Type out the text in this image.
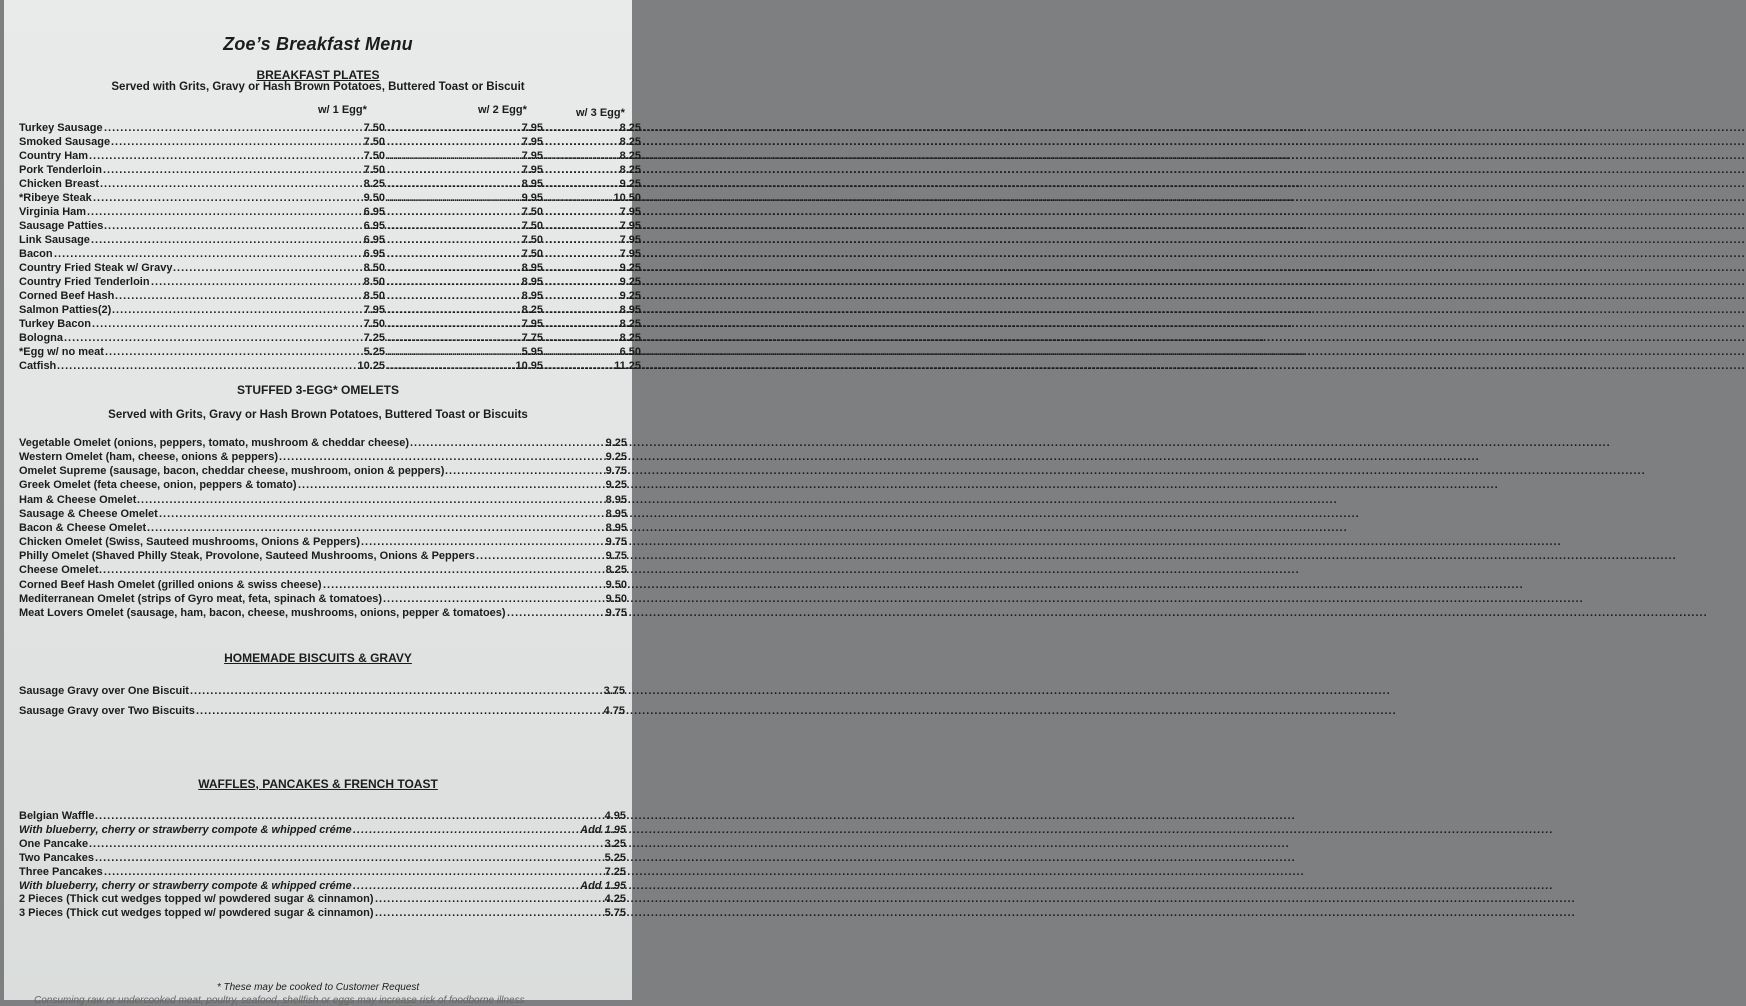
Zoe’s Breakfast Menu
BREAKFAST PLATES
Served with Grits, Gravy or Hash Brown Potatoes, Buttered Toast or Biscuit
w/ 1 Egg*	w/ 2 Egg*	w/ 3 Egg*
Turkey Sausage .....	7.50 .....	7.95 .....	8.25
Smoked Sausage .....	7.50 .....	7.95 .....	8.25
Country Ham .....	7.50 .....	7.95 .....	8.25
Pork Tenderloin .....	7.50 .....	7.95 .....	8.25
Chicken Breast .....	8.25 .....	8.95 .....	9.25
*Ribeye Steak .....	9.50 .....	9.95 .....	10.50
Virginia Ham .....	6.95 .....	7.50 .....	7.95
Sausage Patties .....	6.95 .....	7.50 .....	7.95
Link Sausage .....	6.95 .....	7.50 .....	7.95
Bacon .....	6.95 .....	7.50 .....	7.95
Country Fried Steak w/ Gravy .....	8.50 .....	8.95 .....	9.25
Country Fried Tenderloin .....	8.50 .....	8.95 .....	9.25
Corned Beef Hash .....	8.50 .....	8.95 .....	9.25
Salmon Patties(2) .....	7.95 .....	8.25 .....	8.95
Turkey Bacon .....	7.50 .....	7.95 .....	8.25
Bologna .....	7.25 .....	7.75 .....	8.25
*Egg w/ no meat .....	5.25 .....	5.95 .....	6.50
Catfish .....	10.25 .....	10.95 .....	11.25
STUFFED 3-EGG* OMELETS
Served with Grits, Gravy or Hash Brown Potatoes, Buttered Toast or Biscuits
Vegetable Omelet (onions, peppers, tomato, mushroom & cheddar cheese) .....	9.25
Western Omelet (ham, cheese, onions & peppers) .....	9.25
Omelet Supreme (sausage, bacon, cheddar cheese, mushroom, onion & peppers) .....	9.75
Greek Omelet (feta cheese, onion, peppers & tomato) .....	9.25
Ham & Cheese Omelet .....	8.95
Sausage & Cheese Omelet .....	8.95
Bacon & Cheese Omelet .....	8.95
Chicken Omelet (Swiss, Sauteed mushrooms, Onions & Peppers) .....	9.75
Philly Omelet (Shaved Philly Steak, Provolone, Sauteed Mushrooms, Onions & Peppers .....	9.75
Cheese Omelet .....	8.25
Corned Beef Hash Omelet (grilled onions & swiss cheese) .....	9.50
Mediterranean Omelet (strips of Gyro meat, feta, spinach & tomatoes) .....	9.50
Meat Lovers Omelet (sausage, ham, bacon, cheese, mushrooms, onions, pepper & tomatoes) .....	9.75
HOMEMADE BISCUITS & GRAVY
Sausage Gravy over One Biscuit .....	3.75
Sausage Gravy over Two Biscuits .....	4.75
WAFFLES, PANCAKES & FRENCH TOAST
Belgian Waffle .....	4.95
With blueberry, cherry or strawberry compote & whipped créme .....	Add 1.95
One Pancake .....	3.25
Two Pancakes .....	5.25
Three Pancakes .....	7.25
With blueberry, cherry or strawberry compote & whipped créme .....	Add 1.95
2 Pieces (Thick cut wedges topped w/ powdered sugar & cinnamon) .....	4.25
3 Pieces (Thick cut wedges topped w/ powdered sugar & cinnamon) .....	5.75
* These may be cooked to Customer Request
Consuming raw or undercooked meat, poultry, seafood, shellfish or eggs may increase risk of foodborne illness
